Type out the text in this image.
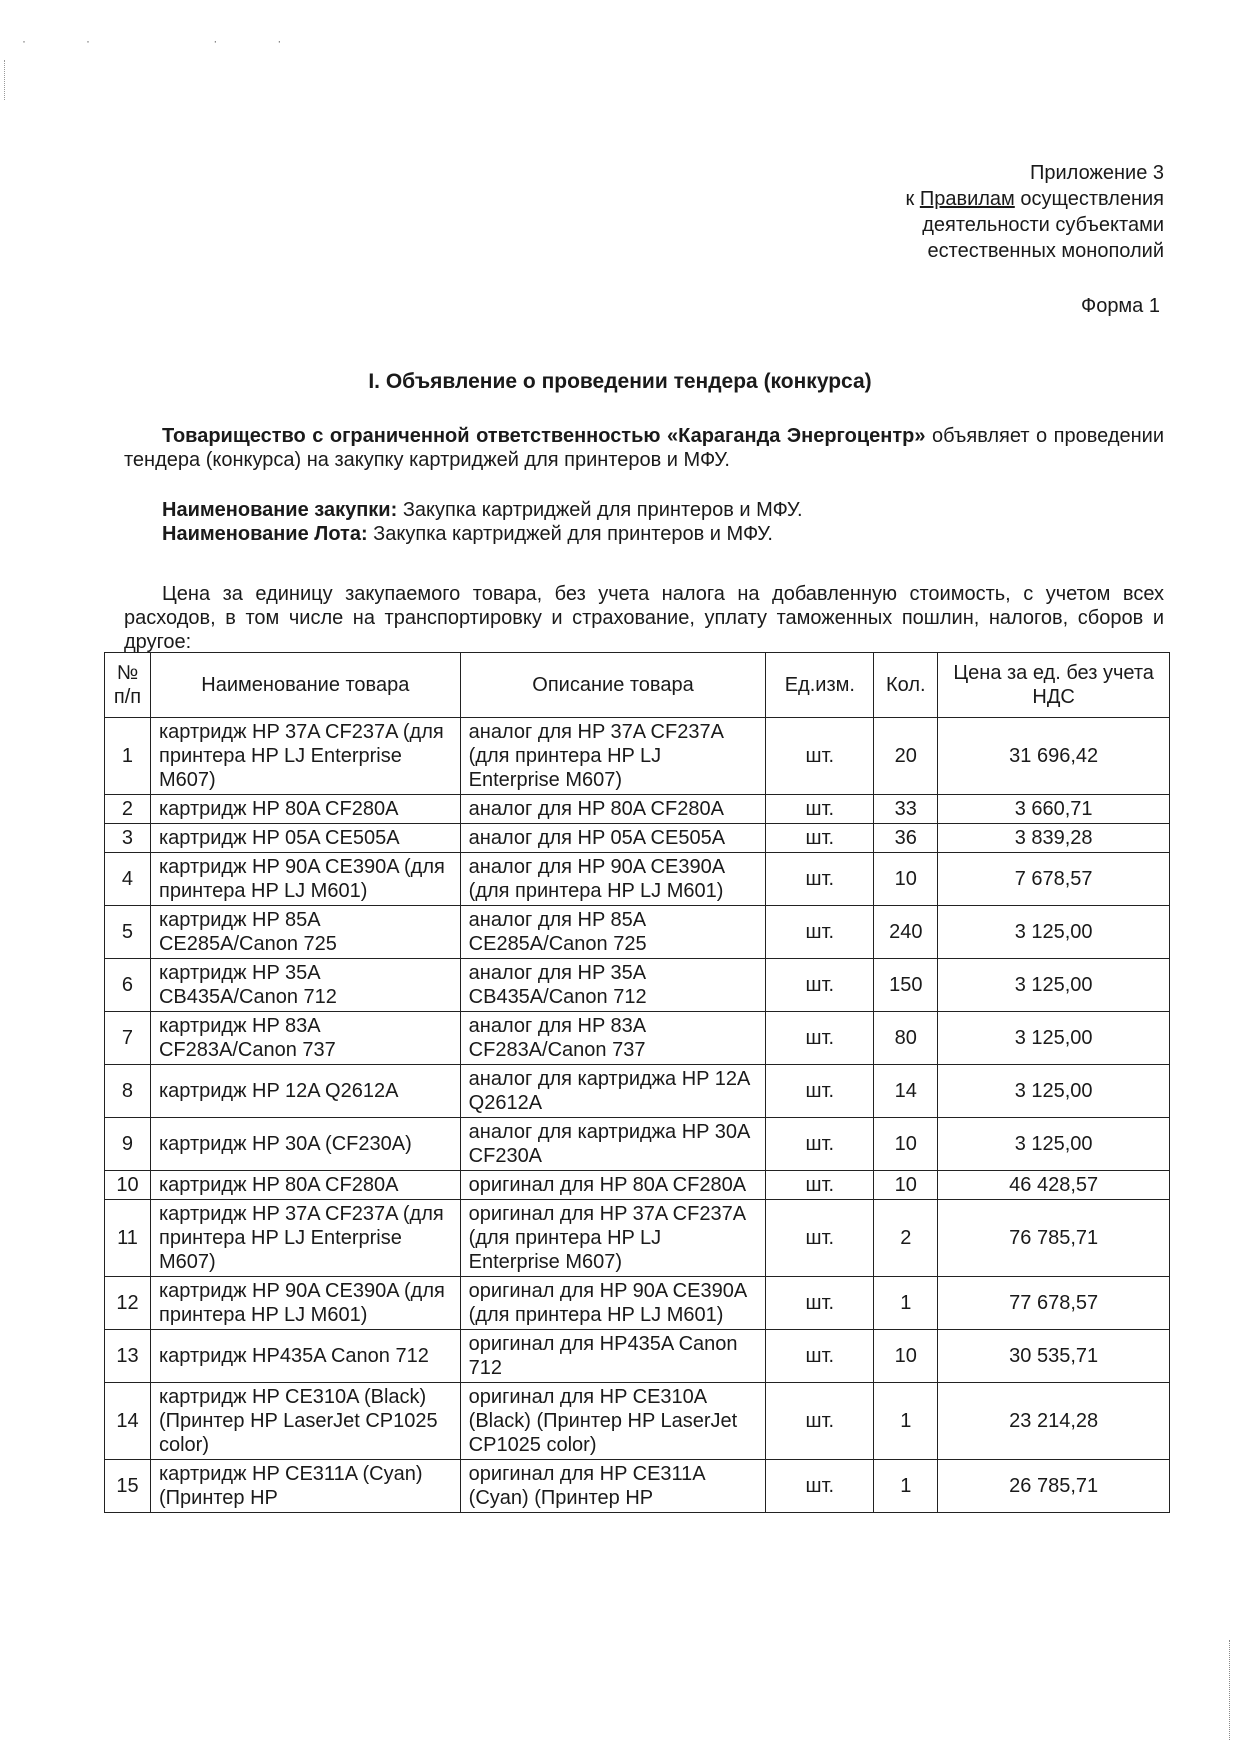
·· ··
Приложение 3
к Правилам осуществления
деятельности субъектами
естественных монополий
Форма 1
I. Объявление о проведении тендера (конкурса)
Товарищество с ограниченной ответственностью «Караганда Энергоцентр» объявляет о проведении тендера (конкурса) на закупку картриджей для принтеров и МФУ.
Наименование закупки: Закупка картриджей для принтеров и МФУ.
Наименование Лота: Закупка картриджей для принтеров и МФУ.
Цена за единицу закупаемого товара, без учета налога на добавленную стоимость, с учетом всех расходов, в том числе на транспортировку и страхование, уплату таможенных пошлин, налогов, сборов и другое:
№ п/п	Наименование товара	Описание товара	Ед.изм.	Кол.	Цена за ед. без учета НДС
1	картридж HP 37A CF237A (для принтера HP LJ Enterprise M607)	аналог для HP 37A CF237A (для принтера HP LJ Enterprise M607)	шт.	20	31 696,42
2	картридж HP 80A CF280A	аналог для HP 80A CF280A	шт.	33	3 660,71
3	картридж HP 05A CE505A	аналог для HP 05A CE505A	шт.	36	3 839,28
4	картридж HP 90A CE390A (для принтера HP LJ M601)	аналог для HP 90A CE390A (для принтера HP LJ M601)	шт.	10	7 678,57
5	картридж HP 85A CE285A/Canon 725	аналог для HP 85A CE285A/Canon 725	шт.	240	3 125,00
6	картридж HP 35A CB435A/Canon 712	аналог для HP 35A CB435A/Canon 712	шт.	150	3 125,00
7	картридж HP 83A CF283A/Canon 737	аналог для HP 83A CF283A/Canon 737	шт.	80	3 125,00
8	картридж HP 12A Q2612A	аналог для картриджа HP 12A Q2612A	шт.	14	3 125,00
9	картридж HP 30A (CF230A)	аналог для картриджа HP 30A CF230A	шт.	10	3 125,00
10	картридж HP 80A CF280A	оригинал для HP 80A CF280A	шт.	10	46 428,57
11	картридж HP 37A CF237A (для принтера HP LJ Enterprise M607)	оригинал для HP 37A CF237A (для принтера HP LJ Enterprise M607)	шт.	2	76 785,71
12	картридж HP 90A CE390A (для принтера HP LJ M601)	оригинал для HP 90A CE390A (для принтера HP LJ M601)	шт.	1	77 678,57
13	картридж HP435A Canon 712	оригинал для HP435A Canon 712	шт.	10	30 535,71
14	картридж HP CE310A (Black) (Принтер HP LaserJet CP1025 color)	оригинал для HP CE310A (Black) (Принтер HP LaserJet CP1025 color)	шт.	1	23 214,28
15	картридж HP CE311A (Cyan) (Принтер HP	оригинал для HP CE311A (Cyan) (Принтер HP	шт.	1	26 785,71
